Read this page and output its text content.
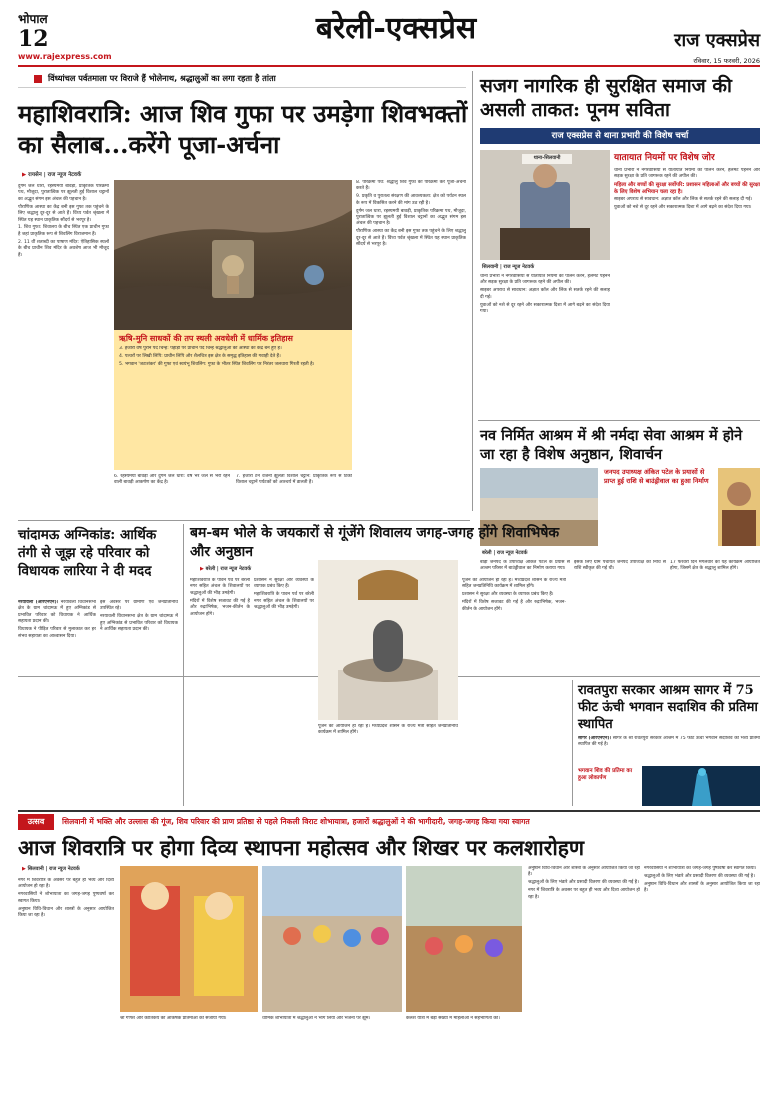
भोपाल
12
www.rajexpress.com
बरेली-एक्सप्रेस	राज एक्सप्रेस
रविवार, 15 फरवरी, 2026
विंध्यांचल पर्वतमाला पर विराजे हैं भोलेनाथ, श्रद्धालुओं का लगा रहता है तांता
महाशिवरात्रि: आज शिव गुफा पर उमड़ेगा शिवभक्तों का सैलाब...करेंगे पूजा-अर्चना
▶ रायसेन | राज न्यूज नेटवर्क

दुर्गम जल धारा, रहस्यमयी बावड़ी, प्राकृतिक परिक्रमा पथ, मौजूदा, पुरातात्विक पर झूलती हुई विशाल चट्टानों का अद्भुत संगम इस अंचल की पहचान है।

पौराणिक आस्था का केंद्र बनी इस गुफा तक पहुंचने के लिए श्रद्धालु दूर-दूर से आते हैं। विंध्य पर्वत श्रृंखला में स्थित यह स्थान प्राकृतिक सौंदर्य से भरपूर है।

1. शिव गुफा: शिवालय के बीच स्थित एक प्राचीन गुफा है जहां प्राकृतिक रूप से शिवलिंग विराजमान हैं।

2. 11 वीं शताब्दी का पाषाण मंदिर: ऐतिहासिक स्थलों के बीच प्राचीन शिव मंदिर के अवशेष आज भी मौजूद हैं।

ऋषि-मुनि साधकों की तप स्थली अवधेशी में धार्मिक इतिहास

3. हजारों वर्ष पुराने पद चिन्ह: पहाड़ी पर प्राचीन पद चिन्ह श्रद्धालुओं की आस्था का केंद्र बने हुए हैं।

4. पत्थरों पर लिखी लिपि: प्राचीन लिपि और शैलचित्र इस क्षेत्र के समृद्ध इतिहास की गवाही देते हैं।

5. भगवान 'जटाशंकर' की गुफा एवं स्वयंभू शिवलिंग: गुफा के भीतर स्थित शिवलिंग पर निरंतर जलधारा गिरती रहती है।

6. रहस्यमयी बावड़ी और दुर्गम जल धारा: वर्ष भर जल से भरी रहने वाली बावड़ी आकर्षण का केंद्र है।

7. हजारों टन वजनी झूलती विशाल चट्टान: प्राकृतिक रूप से टिकी विशाल चट्टानें पर्यटकों को आश्चर्य में डालती हैं।

8. परिक्रमा पथ: श्रद्धालु शिव गुफा की परिक्रमा कर पूजा-अर्चना करते हैं।

9. प्रकृति व पुरातत्व संरक्षण की आवश्यकता: क्षेत्र को पर्यटन स्थल के रूप में विकसित करने की मांग उठ रही है।

दुर्गम जल धारा, रहस्यमयी बावड़ी, प्राकृतिक परिक्रमा पथ, मौजूदा, पुरातात्विक पर झूलती हुई विशाल चट्टानों का अद्भुत संगम इस अंचल की पहचान है।

पौराणिक आस्था का केंद्र बनी इस गुफा तक पहुंचने के लिए श्रद्धालु दूर-दूर से आते हैं। विंध्य पर्वत श्रृंखला में स्थित यह स्थान प्राकृतिक सौंदर्य से भरपूर है।

सजग नागरिक ही सुरक्षित समाज की असली ताकत: पूनम सविता
राज एक्सप्रेस से थाना प्रभारी की विशेष चर्चा
थाना-सिलवानी
सिलवानी | राज न्यूज नेटवर्क
यातायात नियमों पर विशेष जोर

थाना प्रभारी ने नगरवासियों से यातायात नियमों का पालन करने, हेलमेट पहनने और सड़क सुरक्षा के प्रति जागरूक रहने की अपील की।

महिला और बच्चों की सुरक्षा सर्वोपरि: प्रशासन महिलाओं और बच्चों की सुरक्षा के लिए विशेष अभियान चला रहा है।

साइबर अपराध से सावधान: अज्ञात कॉल और लिंक से सतर्क रहने की सलाह दी गई।

युवाओं को नशे से दूर रहने और सकारात्मक दिशा में आगे बढ़ने का संदेश दिया गया।

थाना प्रभारी ने नगरवासियों से यातायात नियमों का पालन करने, हेलमेट पहनने और सड़क सुरक्षा के प्रति जागरूक रहने की अपील की।

साइबर अपराध से सावधान: अज्ञात कॉल और लिंक से सतर्क रहने की सलाह दी गई।

युवाओं को नशे से दूर रहने और सकारात्मक दिशा में आगे बढ़ने का संदेश दिया गया।

नव निर्मित आश्रम में श्री नर्मदा सेवा आश्रम में होने जा रहा है विशेष अनुष्ठान, शिवार्चन
जनपद उपाध्यक्ष अंकित पटेल के प्रयासों से प्राप्त हुई राशि से बाउंड्रीवाल का हुआ निर्माण
बरेली | राज न्यूज नेटवर्क

बाड़ी जनपद के उपाध्यक्ष अंकित पटेल के प्रयास से आश्रम परिसर में बाउंड्रीवाल का निर्माण कराया गया।

इसके लिए ग्राम पंचायत जनपद उपाध्यक्ष की निधि से राशि स्वीकृत की गई थी।

17 फरवरी दिन मंगलवार को यह कार्यक्रम आयोजित होगा, जिसमें क्षेत्र के श्रद्धालु शामिल होंगे।

चांदामऊ अग्निकांड: आर्थिक तंगी से जूझ रहे परिवार को विधायक लारिया ने दी मदद

नरयावली (आरएनएन)। नरयावली विधानसभा क्षेत्र के ग्राम चांदामऊ में हुए अग्निकांड से प्रभावित परिवार को विधायक ने आर्थिक सहायता प्रदान की।

विधायक ने पीड़ित परिवार से मुलाकात कर हर संभव सहायता का आश्वासन दिया।

इस अवसर पर ग्रामीण एवं जनप्रतिनिधि उपस्थित रहे।

नरयावली विधानसभा क्षेत्र के ग्राम चांदामऊ में हुए अग्निकांड से प्रभावित परिवार को विधायक ने आर्थिक सहायता प्रदान की।

बम-बम भोले के जयकारों से गूंजेंगे शिवालय जगह-जगह होंगे शिवाभिषेक और अनुष्ठान
▶ बरेली | राज न्यूज नेटवर्क

महाशिवरात्रि के पावन पर्व पर बरेली नगर सहित अंचल के शिवालयों पर श्रद्धालुओं की भीड़ उमड़ेगी।

मंदिरों में विशेष सजावट की गई है और रुद्राभिषेक, भजन-कीर्तन के आयोजन होंगे।

प्रशासन ने सुरक्षा और व्यवस्था के व्यापक प्रबंध किए हैं।

महाशिवरात्रि के पावन पर्व पर बरेली नगर सहित अंचल के शिवालयों पर श्रद्धालुओं की भीड़ उमड़ेगी।

पूजन का आयोजन हो रहा है। मध्यप्रदेश शासन के राज्य मंत्री सहित जनप्रतिनिधि कार्यक्रम में शामिल होंगे।

पूजन का आयोजन हो रहा है। मध्यप्रदेश शासन के राज्य मंत्री सहित जनप्रतिनिधि कार्यक्रम में शामिल होंगे।

प्रशासन ने सुरक्षा और व्यवस्था के व्यापक प्रबंध किए हैं।

मंदिरों में विशेष सजावट की गई है और रुद्राभिषेक, भजन-कीर्तन के आयोजन होंगे।

रावतपुरा सरकार आश्रम सागर में 75 फीट ऊंची भगवान सदाशिव की प्रतिमा स्थापित

सागर (आरएनएन)। सागर के श्री रावतपुरा सरकार आश्रम में 75 फीट ऊंची भगवान सदाशिव की भव्य प्रतिमा स्थापित की गई है।

भगवान शिव की प्रतिमा का हुआ लोकार्पण
उत्सव	सिलवानी में भक्ति और उल्लास की गूंज, शिव परिवार की प्राण प्रतिष्ठा से पहले निकली विराट शोभायात्रा, हजारों श्रद्धालुओं ने की भागीदारी, जगह-जगह किया गया स्वागत
आज शिवरात्रि पर होगा दिव्य स्थापना महोत्सव और शिखर पर कलशारोहण
▶ सिलवानी | राज न्यूज नेटवर्क

नगर में शिवरात्रि के अवसर पर बहुत ही भव्य और दिव्य आयोजन हो रहा है।

नगरवासियों ने शोभायात्रा का जगह-जगह पुष्पवर्षा कर स्वागत किया।

अनुष्ठान विधि-विधान और शास्त्रों के अनुसार आयोजित किया जा रहा है।

श्री गणेश और कार्तिकेय की आकर्षक प्रतिमाओं को सजाया गया।	धार्मिक शोभायात्रा में श्रद्धालुओं ने भाग लिया और भजनों पर झूमे।	कलश यात्रा में बड़ी संख्या में महिलाओं ने सहभागिता की।

अनुष्ठान विधि-विधान और शास्त्रों के अनुसार आयोजित किया जा रहा है।

श्रद्धालुओं के लिए भंडारे और प्रसादी वितरण की व्यवस्था की गई है।

नगर में शिवरात्रि के अवसर पर बहुत ही भव्य और दिव्य आयोजन हो रहा है।

नगरवासियों ने शोभायात्रा का जगह-जगह पुष्पवर्षा कर स्वागत किया।

श्रद्धालुओं के लिए भंडारे और प्रसादी वितरण की व्यवस्था की गई है।

अनुष्ठान विधि-विधान और शास्त्रों के अनुसार आयोजित किया जा रहा है।
